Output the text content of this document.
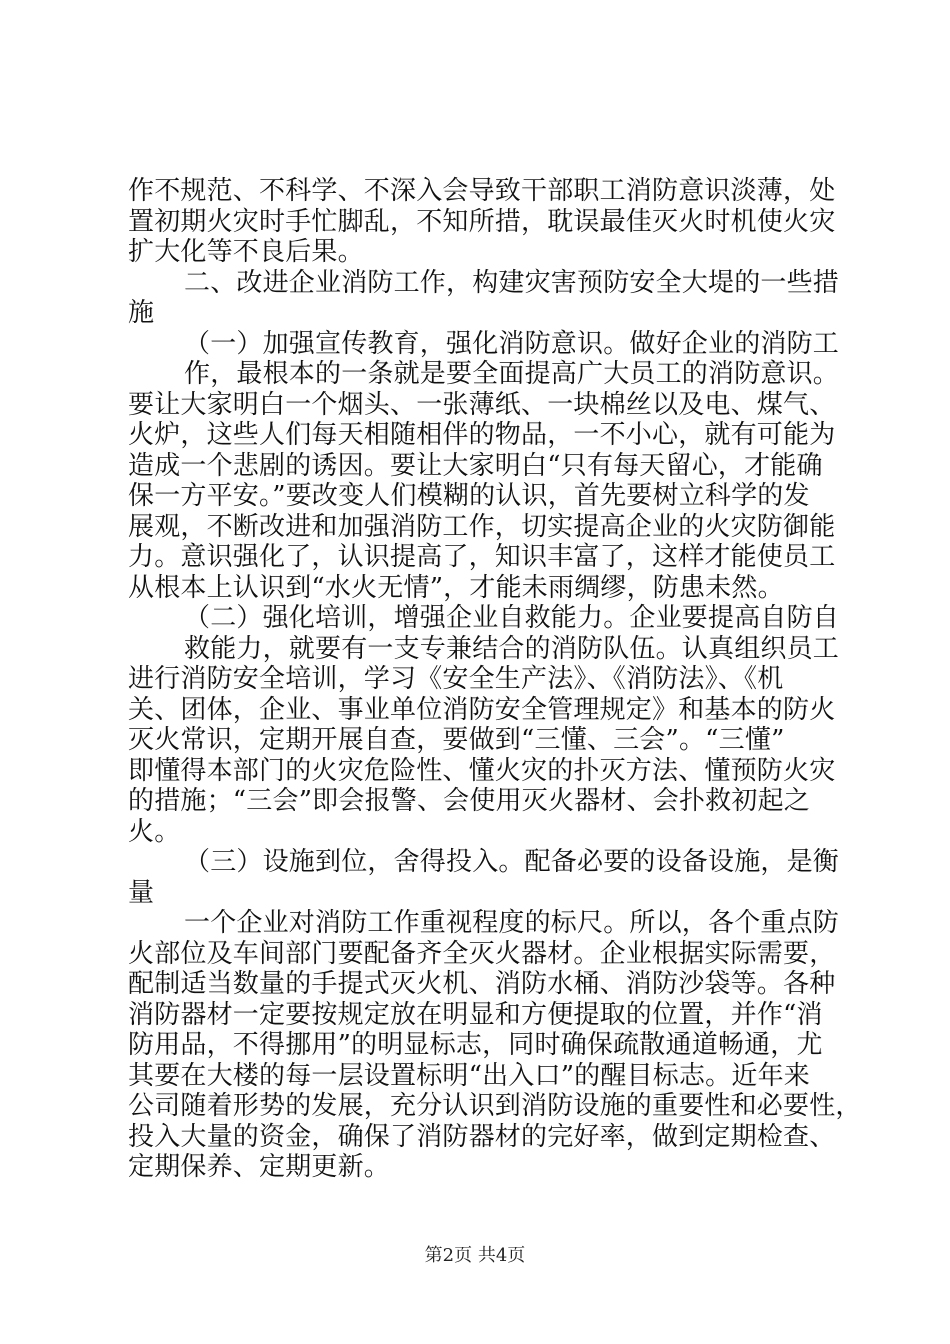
作不规范、不科学、不深入会导致干部职工消防意识淡薄，处
置初期火灾时手忙脚乱，不知所措，耽误最佳灭火时机使火灾
扩大化等不良后果。
二、改进企业消防工作，构建灾害预防安全大堤的一些措
施
（一）加强宣传教育，强化消防意识。做好企业的消防工
作，最根本的一条就是要全面提高广大员工的消防意识。
要让大家明白一个烟头、一张薄纸、一块棉丝以及电、煤气、
火炉，这些人们每天相随相伴的物品，一不小心，就有可能为
造成一个悲剧的诱因。要让大家明白“只有每天留心，才能确
保一方平安。”要改变人们模糊的认识，首先要树立科学的发
展观，不断改进和加强消防工作，切实提高企业的火灾防御能
力。意识强化了，认识提高了，知识丰富了，这样才能使员工
从根本上认识到“水火无情”，才能未雨绸缪，防患未然。
（二）强化培训，增强企业自救能力。企业要提高自防自
救能力，就要有一支专兼结合的消防队伍。认真组织员工
进行消防安全培训，学习《安全生产法》、《消防法》、《机
关、团体，企业、事业单位消防安全管理规定》和基本的防火
灭火常识，定期开展自查，要做到“三懂、三会”。“三懂”
即懂得本部门的火灾危险性、懂火灾的扑灭方法、懂预防火灾
的措施；“三会”即会报警、会使用灭火器材、会扑救初起之
火。
（三）设施到位，舍得投入。配备必要的设备设施，是衡
量
一个企业对消防工作重视程度的标尺。所以，各个重点防
火部位及车间部门要配备齐全灭火器材。企业根据实际需要，
配制适当数量的手提式灭火机、消防水桶、消防沙袋等。各种
消防器材一定要按规定放在明显和方便提取的位置，并作“消
防用品，不得挪用”的明显标志，同时确保疏散通道畅通，尤
其要在大楼的每一层设置标明“出入口”的醒目标志。近年来
公司随着形势的发展，充分认识到消防设施的重要性和必要性，
投入大量的资金，确保了消防器材的完好率，做到定期检查、
定期保养、定期更新。
第2页 共4页
